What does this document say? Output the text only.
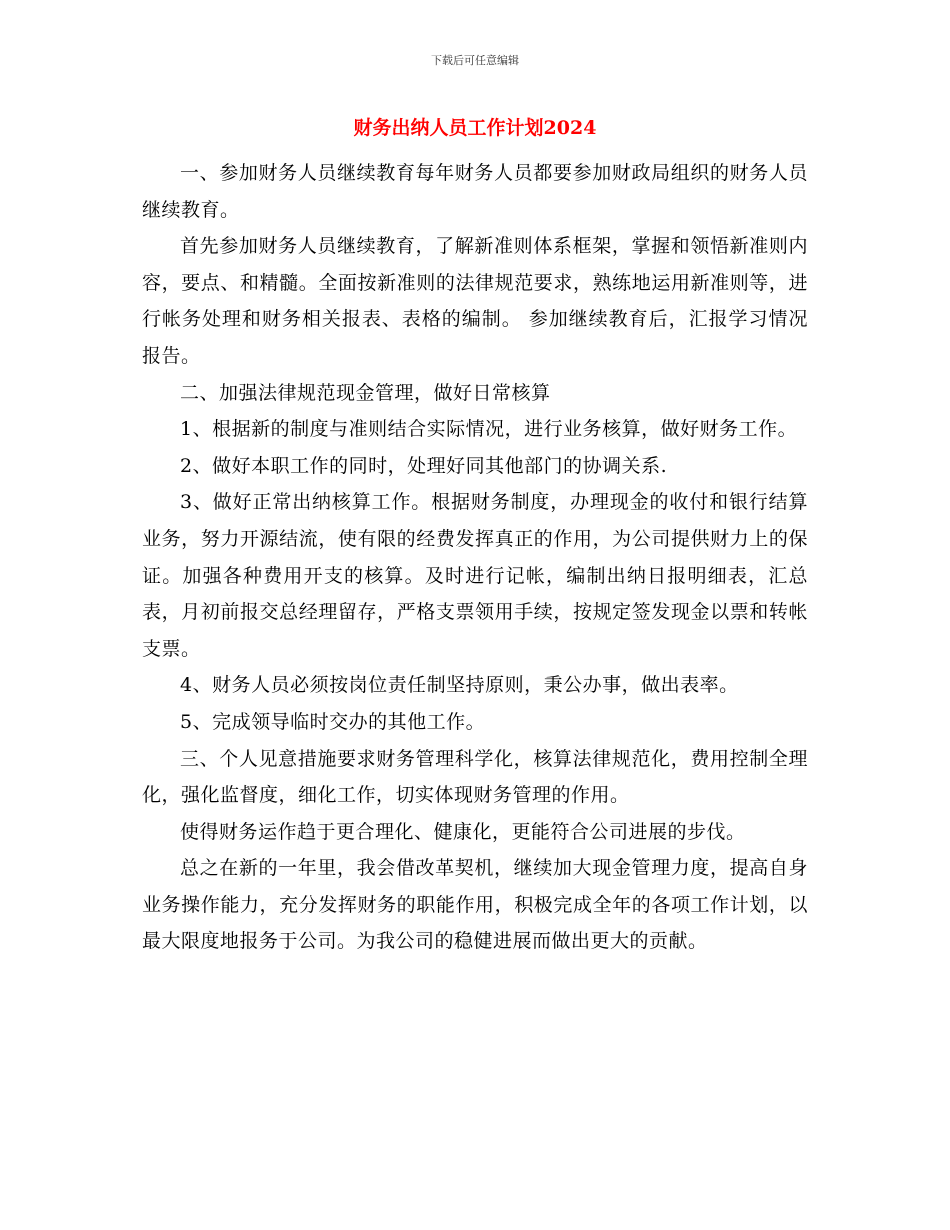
下载后可任意编辑
财务出纳人员工作计划2024

一、参加财务人员继续教育每年财务人员都要参加财政局组织的财务人员继续教育。

首先参加财务人员继续教育，了解新准则体系框架，掌握和领悟新准则内容，要点、和精髓。全面按新准则的法律规范要求，熟练地运用新准则等，进行帐务处理和财务相关报表、表格的编制。 参加继续教育后，汇报学习情况报告。

二、加强法律规范现金管理，做好日常核算

1、根据新的制度与准则结合实际情况，进行业务核算，做好财务工作。

2、做好本职工作的同时，处理好同其他部门的协调关系.

3、做好正常出纳核算工作。根据财务制度，办理现金的收付和银行结算业务，努力开源结流，使有限的经费发挥真正的作用，为公司提供财力上的保证。加强各种费用开支的核算。及时进行记帐，编制出纳日报明细表，汇总表，月初前报交总经理留存，严格支票领用手续，按规定签发现金以票和转帐支票。

4、财务人员必须按岗位责任制坚持原则，秉公办事，做出表率。

5、完成领导临时交办的其他工作。

三、个人见意措施要求财务管理科学化，核算法律规范化，费用控制全理化，强化监督度，细化工作，切实体现财务管理的作用。

使得财务运作趋于更合理化、健康化，更能符合公司进展的步伐。

总之在新的一年里，我会借改革契机，继续加大现金管理力度，提高自身业务操作能力，充分发挥财务的职能作用，积极完成全年的各项工作计划，以最大限度地报务于公司。为我公司的稳健进展而做出更大的贡献。
